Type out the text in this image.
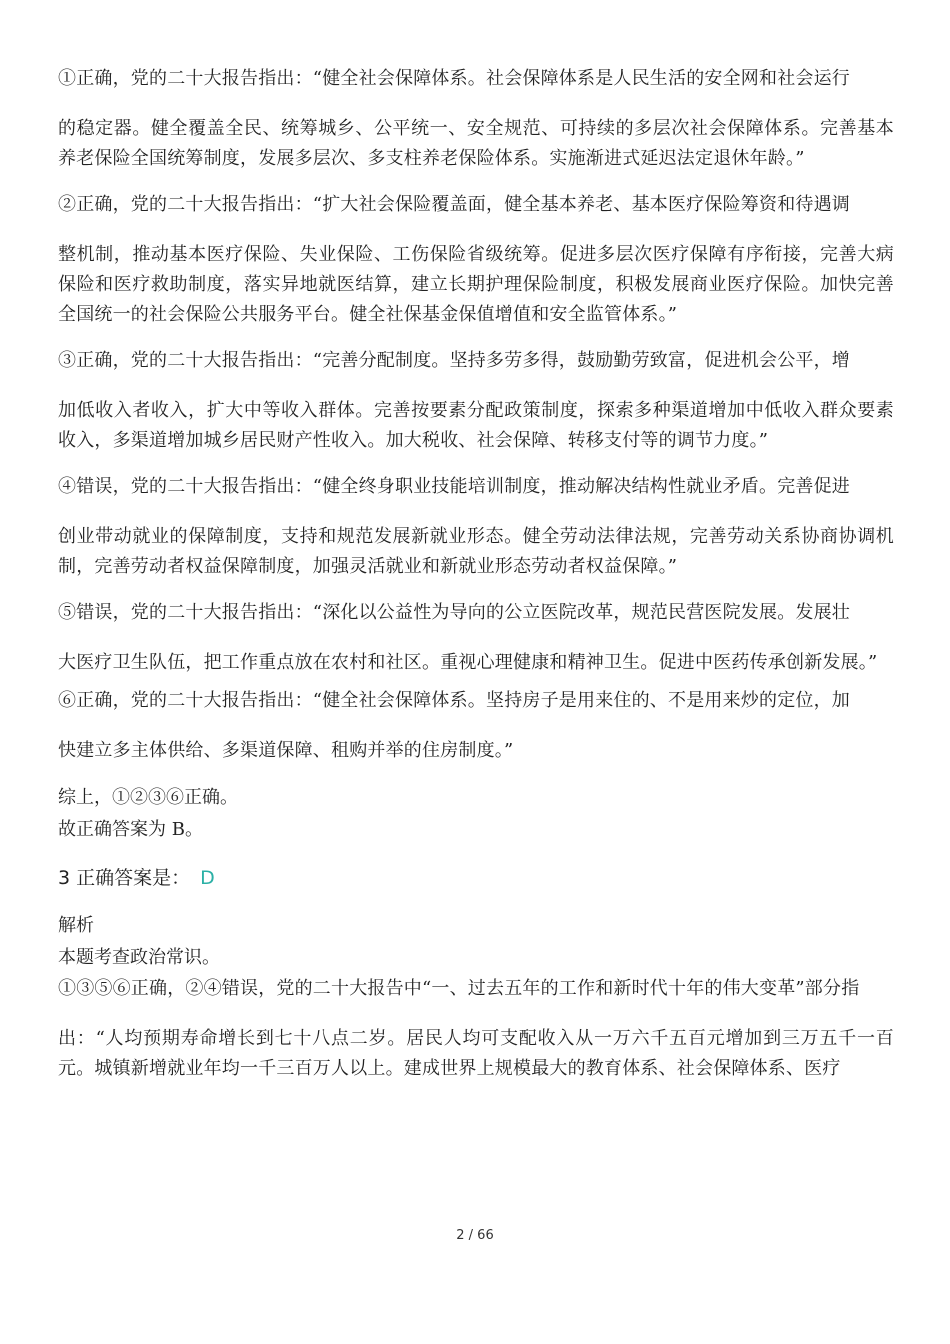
①正确，党的二十大报告指出：“健全社会保障体系。社会保障体系是人民生活的安全网和社会运行
的稳定器。健全覆盖全民、统筹城乡、公平统一、安全规范、可持续的多层次社会保障体系。完善基本养老保险全国统筹制度，发展多层次、多支柱养老保险体系。实施渐进式延迟法定退休年龄。”

②正确，党的二十大报告指出：“扩大社会保险覆盖面，健全基本养老、基本医疗保险筹资和待遇调
整机制，推动基本医疗保险、失业保险、工伤保险省级统筹。促进多层次医疗保障有序衔接，完善大病保险和医疗救助制度，落实异地就医结算，建立长期护理保险制度，积极发展商业医疗保险。加快完善全国统一的社会保险公共服务平台。健全社保基金保值增值和安全监管体系。”

③正确，党的二十大报告指出：“完善分配制度。坚持多劳多得，鼓励勤劳致富，促进机会公平，增
加低收入者收入，扩大中等收入群体。完善按要素分配政策制度，探索多种渠道增加中低收入群众要素收入，多渠道增加城乡居民财产性收入。加大税收、社会保障、转移支付等的调节力度。”

④错误，党的二十大报告指出：“健全终身职业技能培训制度，推动解决结构性就业矛盾。完善促进
创业带动就业的保障制度，支持和规范发展新就业形态。健全劳动法律法规，完善劳动关系协商协调机制，完善劳动者权益保障制度，加强灵活就业和新就业形态劳动者权益保障。”

⑤错误，党的二十大报告指出：“深化以公益性为导向的公立医院改革，规范民营医院发展。发展壮
大医疗卫生队伍，把工作重点放在农村和社区。重视心理健康和精神卫生。促进中医药传承创新发展。”

⑥正确，党的二十大报告指出：“健全社会保障体系。坚持房子是用来住的、不是用来炒的定位，加
快建立多主体供给、多渠道保障、租购并举的住房制度。”

综上，①②③⑥正确。

故正确答案为 B。

3 正确答案是： D

解析

本题考查政治常识。

①③⑤⑥正确，②④错误，党的二十大报告中“一、过去五年的工作和新时代十年的伟大变革”部分指
出：“人均预期寿命增长到七十八点二岁。居民人均可支配收入从一万六千五百元增加到三万五千一百元。城镇新增就业年均一千三百万人以上。建成世界上规模最大的教育体系、社会保障体系、医疗

2 / 66
